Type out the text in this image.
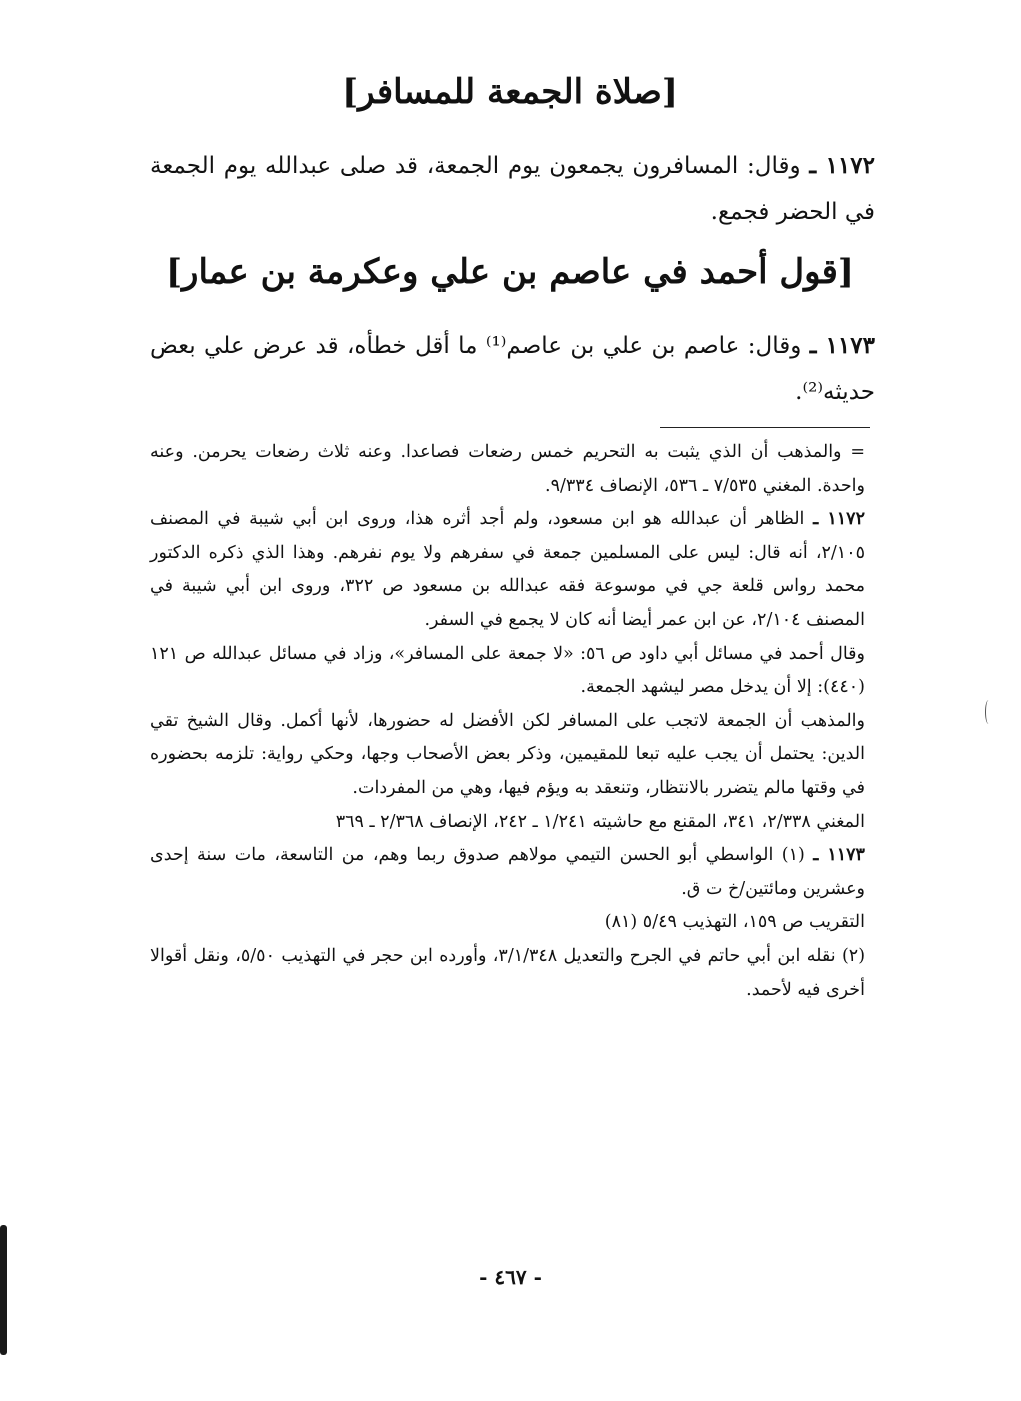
[صلاة الجمعة للمسافر]
١١٧٢ ـ وقال: المسافرون يجمعون يوم الجمعة، قد صلى عبدالله يوم الجمعة في الحضر فجمع.
[قول أحمد في عاصم بن علي وعكرمة بن عمار]
١١٧٣ ـ وقال: عاصم بن علي بن عاصم⁽¹⁾ ما أقل خطأه، قد عرض علي بعض حديثه⁽²⁾.

= والمذهب أن الذي يثبت به التحريم خمس رضعات فصاعدا. وعنه ثلاث رضعات يحرمن. وعنه واحدة. المغني ٧/٥٣٥ ـ ٥٣٦، الإنصاف ٩/٣٣٤.

١١٧٢ ـ الظاهر أن عبدالله هو ابن مسعود، ولم أجد أثره هذا، وروى ابن أبي شيبة في المصنف ٢/١٠٥، أنه قال: ليس على المسلمين جمعة في سفرهم ولا يوم نفرهم. وهذا الذي ذكره الدكتور محمد رواس قلعة جي في موسوعة فقه عبدالله بن مسعود ص ٣٢٢، وروى ابن أبي شيبة في المصنف ٢/١٠٤، عن ابن عمر أيضا أنه كان لا يجمع في السفر.

وقال أحمد في مسائل أبي داود ص ٥٦: «لا جمعة على المسافر»، وزاد في مسائل عبدالله ص ١٢١ (٤٤٠): إلا أن يدخل مصر ليشهد الجمعة.

والمذهب أن الجمعة لاتجب على المسافر لكن الأفضل له حضورها، لأنها أكمل. وقال الشيخ تقي الدين: يحتمل أن يجب عليه تبعا للمقيمين، وذكر بعض الأصحاب وجها، وحكي رواية: تلزمه بحضوره في وقتها مالم يتضرر بالانتظار، وتنعقد به ويؤم فيها، وهي من المفردات.

المغني ٢/٣٣٨، ٣٤١، المقنع مع حاشيته ١/٢٤١ ـ ٢٤٢، الإنصاف ٢/٣٦٨ ـ ٣٦٩

١١٧٣ ـ (١) الواسطي أبو الحسن التيمي مولاهم صدوق ربما وهم، من التاسعة، مات سنة إحدى وعشرين ومائتين/خ ت ق.

التقريب ص ١٥٩، التهذيب ٥/٤٩ (٨١)

(٢) نقله ابن أبي حاتم في الجرح والتعديل ٣/١/٣٤٨، وأورده ابن حجر في التهذيب ٥/٥٠، ونقل أقوالا أخرى فيه لأحمد.

- ٤٦٧ -
